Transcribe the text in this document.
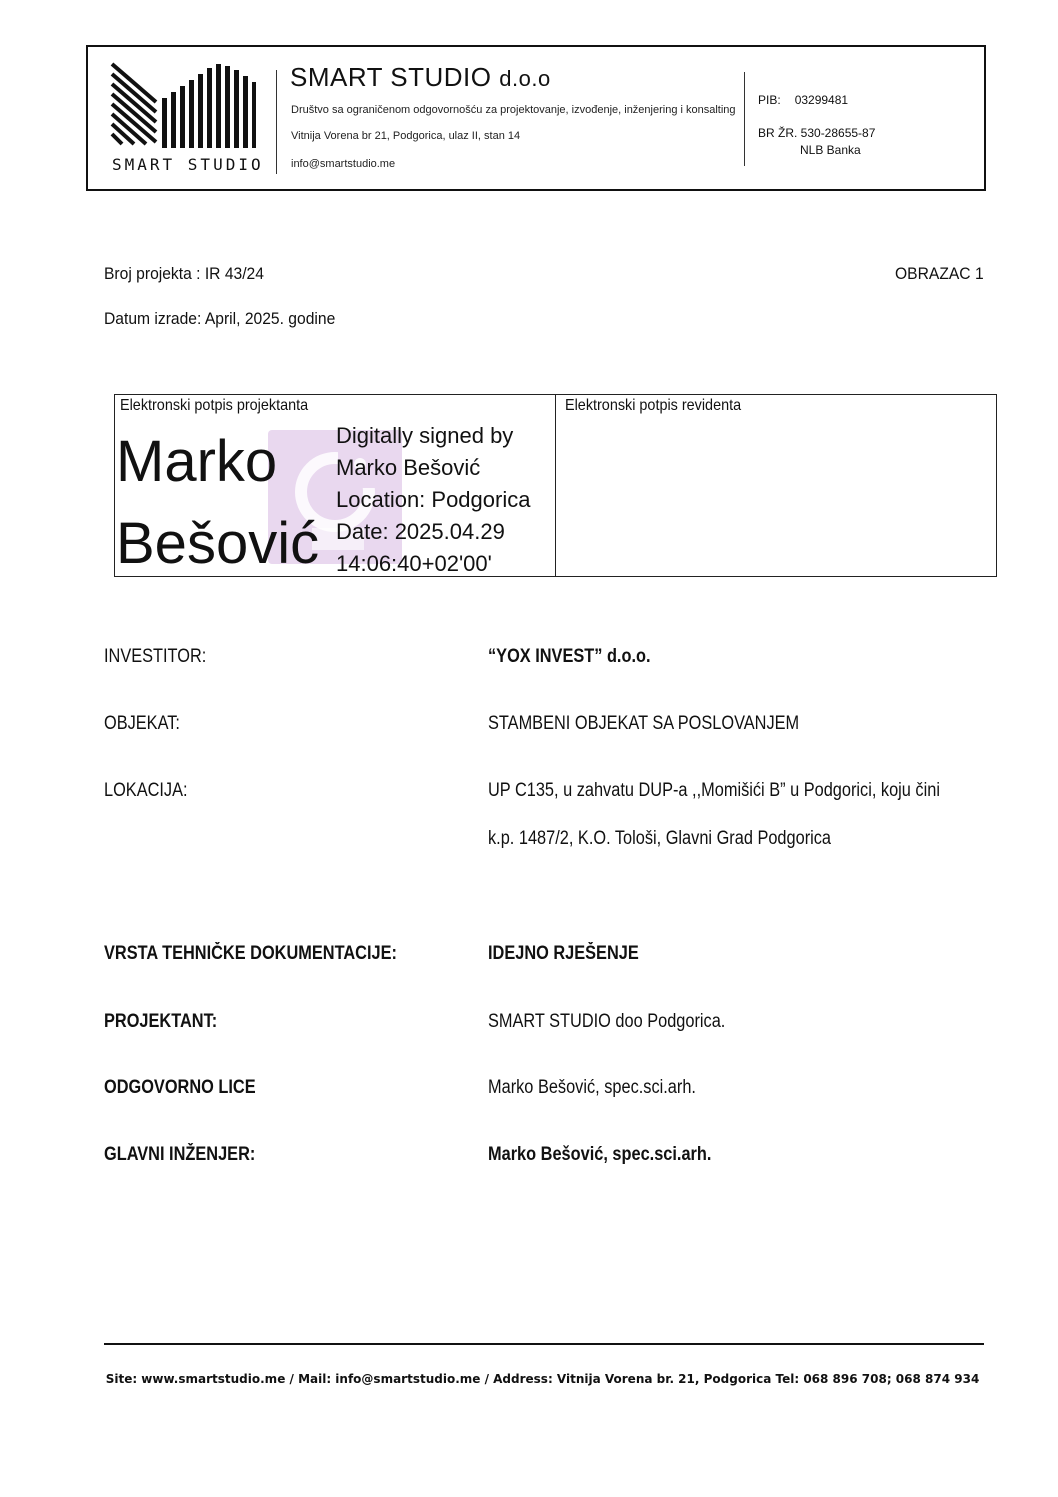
SMART STUDIO
SMART STUDIO d.o.o
Društvo sa ograničenom odgovornošću za projektovanje, izvođenje, inženjering i konsalting
Vitnija Vorena br 21, Podgorica, ulaz II, stan 14
info@smartstudio.me
PIB: 03299481
BR ŽR. 530-28655-87
NLB Banka
Broj projekta : IR 43/24	OBRAZAC 1
Datum izrade: April, 2025. godine
Elektronski potpis projektanta	Elektronski potpis revidenta
Marko
Bešović
Digitally signed by
Marko Bešović
Location: Podgorica
Date: 2025.04.29
14:06:40+02'00'
INVESTITOR:	“YOX INVEST” d.o.o.
OBJEKAT:	STAMBENI OBJEKAT SA POSLOVANJEM
LOKACIJA:	UP C135, u zahvatu DUP-a ,,Momišići B” u Podgorici, koju čini
k.p. 1487/2, K.O. Tološi, Glavni Grad Podgorica
VRSTA TEHNIČKE DOKUMENTACIJE:	IDEJNO RJEŠENJE
PROJEKTANT:	SMART STUDIO doo Podgorica.
ODGOVORNO LICE	Marko Bešović, spec.sci.arh.
GLAVNI INŽENJER:	Marko Bešović, spec.sci.arh.
Site: www.smartstudio.me / Mail: info@smartstudio.me / Address: Vitnija Vorena br. 21, Podgorica Tel: 068 896 708; 068 874 934
